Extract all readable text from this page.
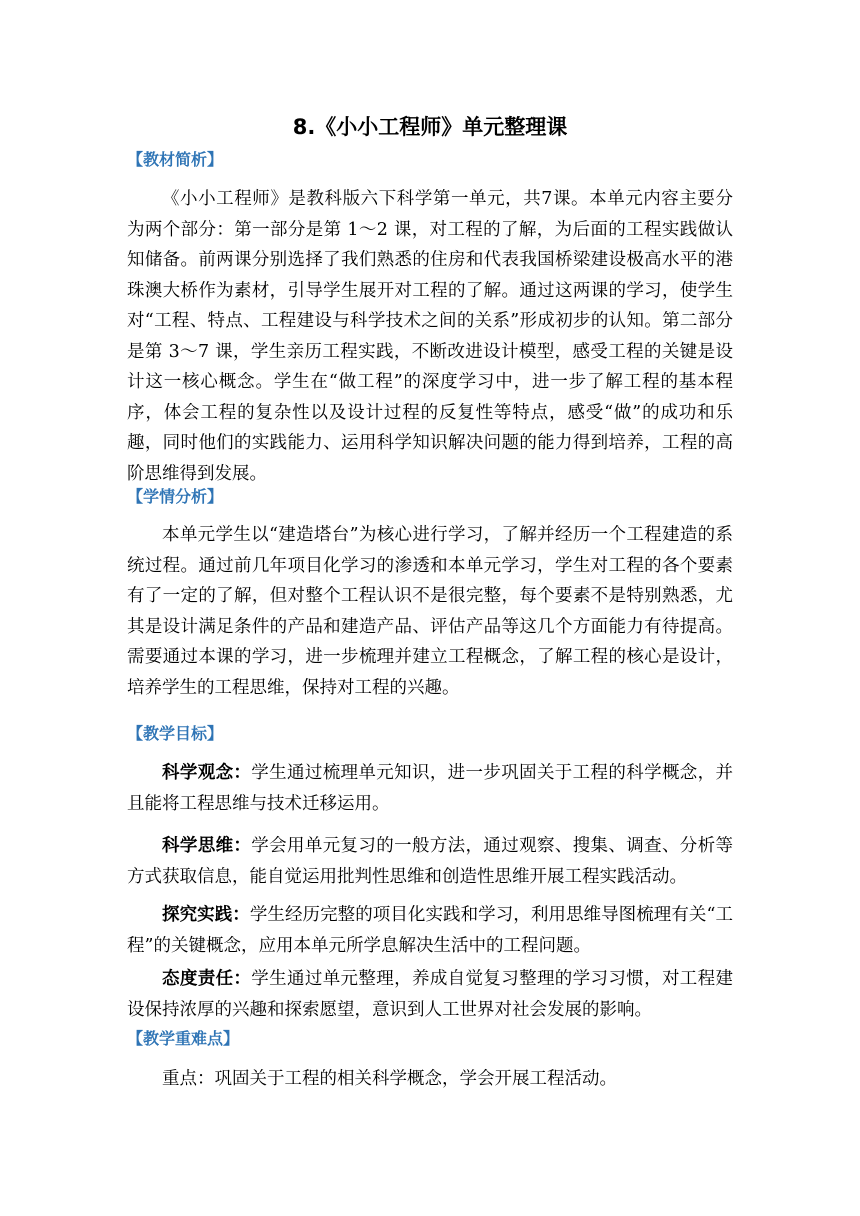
8.《小小工程师》单元整理课
【教材简析】
《小小工程师》是教科版六下科学第一单元，共7课。本单元内容主要分为两个部分：第一部分是第 1～2 课，对工程的了解，为后面的工程实践做认知储备。前两课分别选择了我们熟悉的住房和代表我国桥梁建设极高水平的港珠澳大桥作为素材，引导学生展开对工程的了解。通过这两课的学习，使学生对“工程、特点、工程建设与科学技术之间的关系”形成初步的认知。第二部分是第 3～7 课，学生亲历工程实践，不断改进设计模型，感受工程的关键是设计这一核心概念。学生在“做工程”的深度学习中，进一步了解工程的基本程序，体会工程的复杂性以及设计过程的反复性等特点，感受“做”的成功和乐趣，同时他们的实践能力、运用科学知识解决问题的能力得到培养，工程的高阶思维得到发展。
【学情分析】
本单元学生以“建造塔台”为核心进行学习，了解并经历一个工程建造的系统过程。通过前几年项目化学习的渗透和本单元学习，学生对工程的各个要素有了一定的了解，但对整个工程认识不是很完整，每个要素不是特别熟悉，尤其是设计满足条件的产品和建造产品、评估产品等这几个方面能力有待提高。需要通过本课的学习，进一步梳理并建立工程概念，了解工程的核心是设计，培养学生的工程思维，保持对工程的兴趣。
【教学目标】
科学观念：学生通过梳理单元知识，进一步巩固关于工程的科学概念，并且能将工程思维与技术迁移运用。
科学思维：学会用单元复习的一般方法，通过观察、搜集、调查、分析等方式获取信息，能自觉运用批判性思维和创造性思维开展工程实践活动。
探究实践：学生经历完整的项目化实践和学习，利用思维导图梳理有关“工程”的关键概念，应用本单元所学息解决生活中的工程问题。
态度责任：学生通过单元整理，养成自觉复习整理的学习习惯，对工程建设保持浓厚的兴趣和探索愿望，意识到人工世界对社会发展的影响。
【教学重难点】
重点：巩固关于工程的相关科学概念，学会开展工程活动。
